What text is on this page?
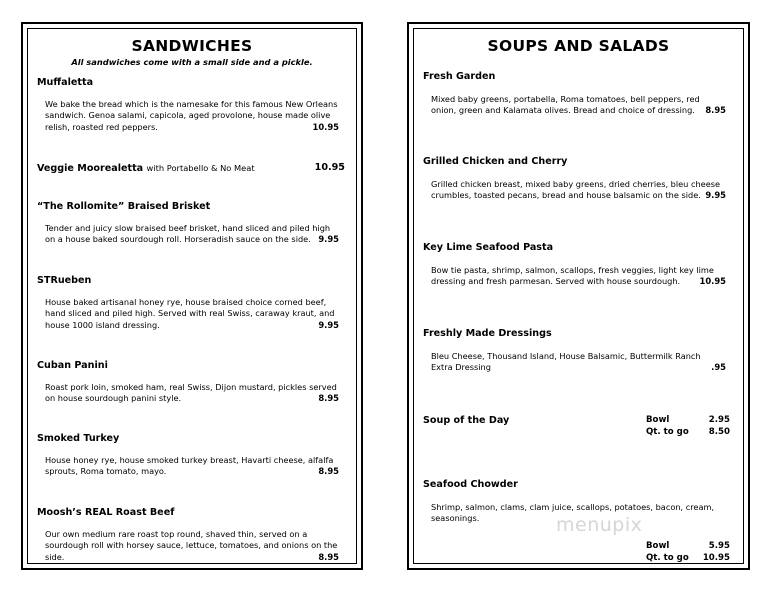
SANDWICHES
All sandwiches come with a small side and a pickle.
Muffaletta
We bake the bread which is the namesake for this famous New Orleans sandwich. Genoa salami, capicola, aged provolone, house made olive relish, roasted red peppers.	10.95
Veggie Moorealetta with Portabello & No Meat	10.95
“The Rollomite” Braised Brisket
Tender and juicy slow braised beef brisket, hand sliced and piled high on a house baked sourdough roll. Horseradish sauce on the side. 9.95
STRueben
House baked artisanal honey rye, house braised choice corned beef, hand sliced and piled high. Served with real Swiss, caraway kraut, and house 1000 island dressing.	9.95
Cuban Panini
Roast pork loin, smoked ham, real Swiss, Dijon mustard, pickles served on house sourdough panini style.	8.95
Smoked Turkey
House honey rye, house smoked turkey breast, Havarti cheese, alfalfa sprouts, Roma tomato, mayo.	8.95
Moosh’s REAL Roast Beef
Our own medium rare roast top round, shaved thin, served on a sourdough roll with horsey sauce, lettuce, tomatoes, and onions on the side.	8.95
SOUPS AND SALADS
Fresh Garden
Mixed baby greens, portabella, Roma tomatoes, bell peppers, red onion, green and Kalamata olives. Bread and choice of dressing. 8.95
Grilled Chicken and Cherry
Grilled chicken breast, mixed baby greens, dried cherries, bleu cheese crumbles, toasted pecans, bread and house balsamic on the side. 9.95
Key Lime Seafood Pasta
Bow tie pasta, shrimp, salmon, scallops, fresh veggies, light key lime dressing and fresh parmesan. Served with house sourdough. 10.95
Freshly Made Dressings
Bleu Cheese, Thousand Island, House Balsamic, Buttermilk Ranch
Extra Dressing	.95
Soup of the Day	Bowl	2.95
Qt. to go	8.50
Seafood Chowder
Shrimp, salmon, clams, clam juice, scallops, potatoes, bacon, cream, seasonings.
Bowl	5.95
Qt. to go	10.95
menupix
